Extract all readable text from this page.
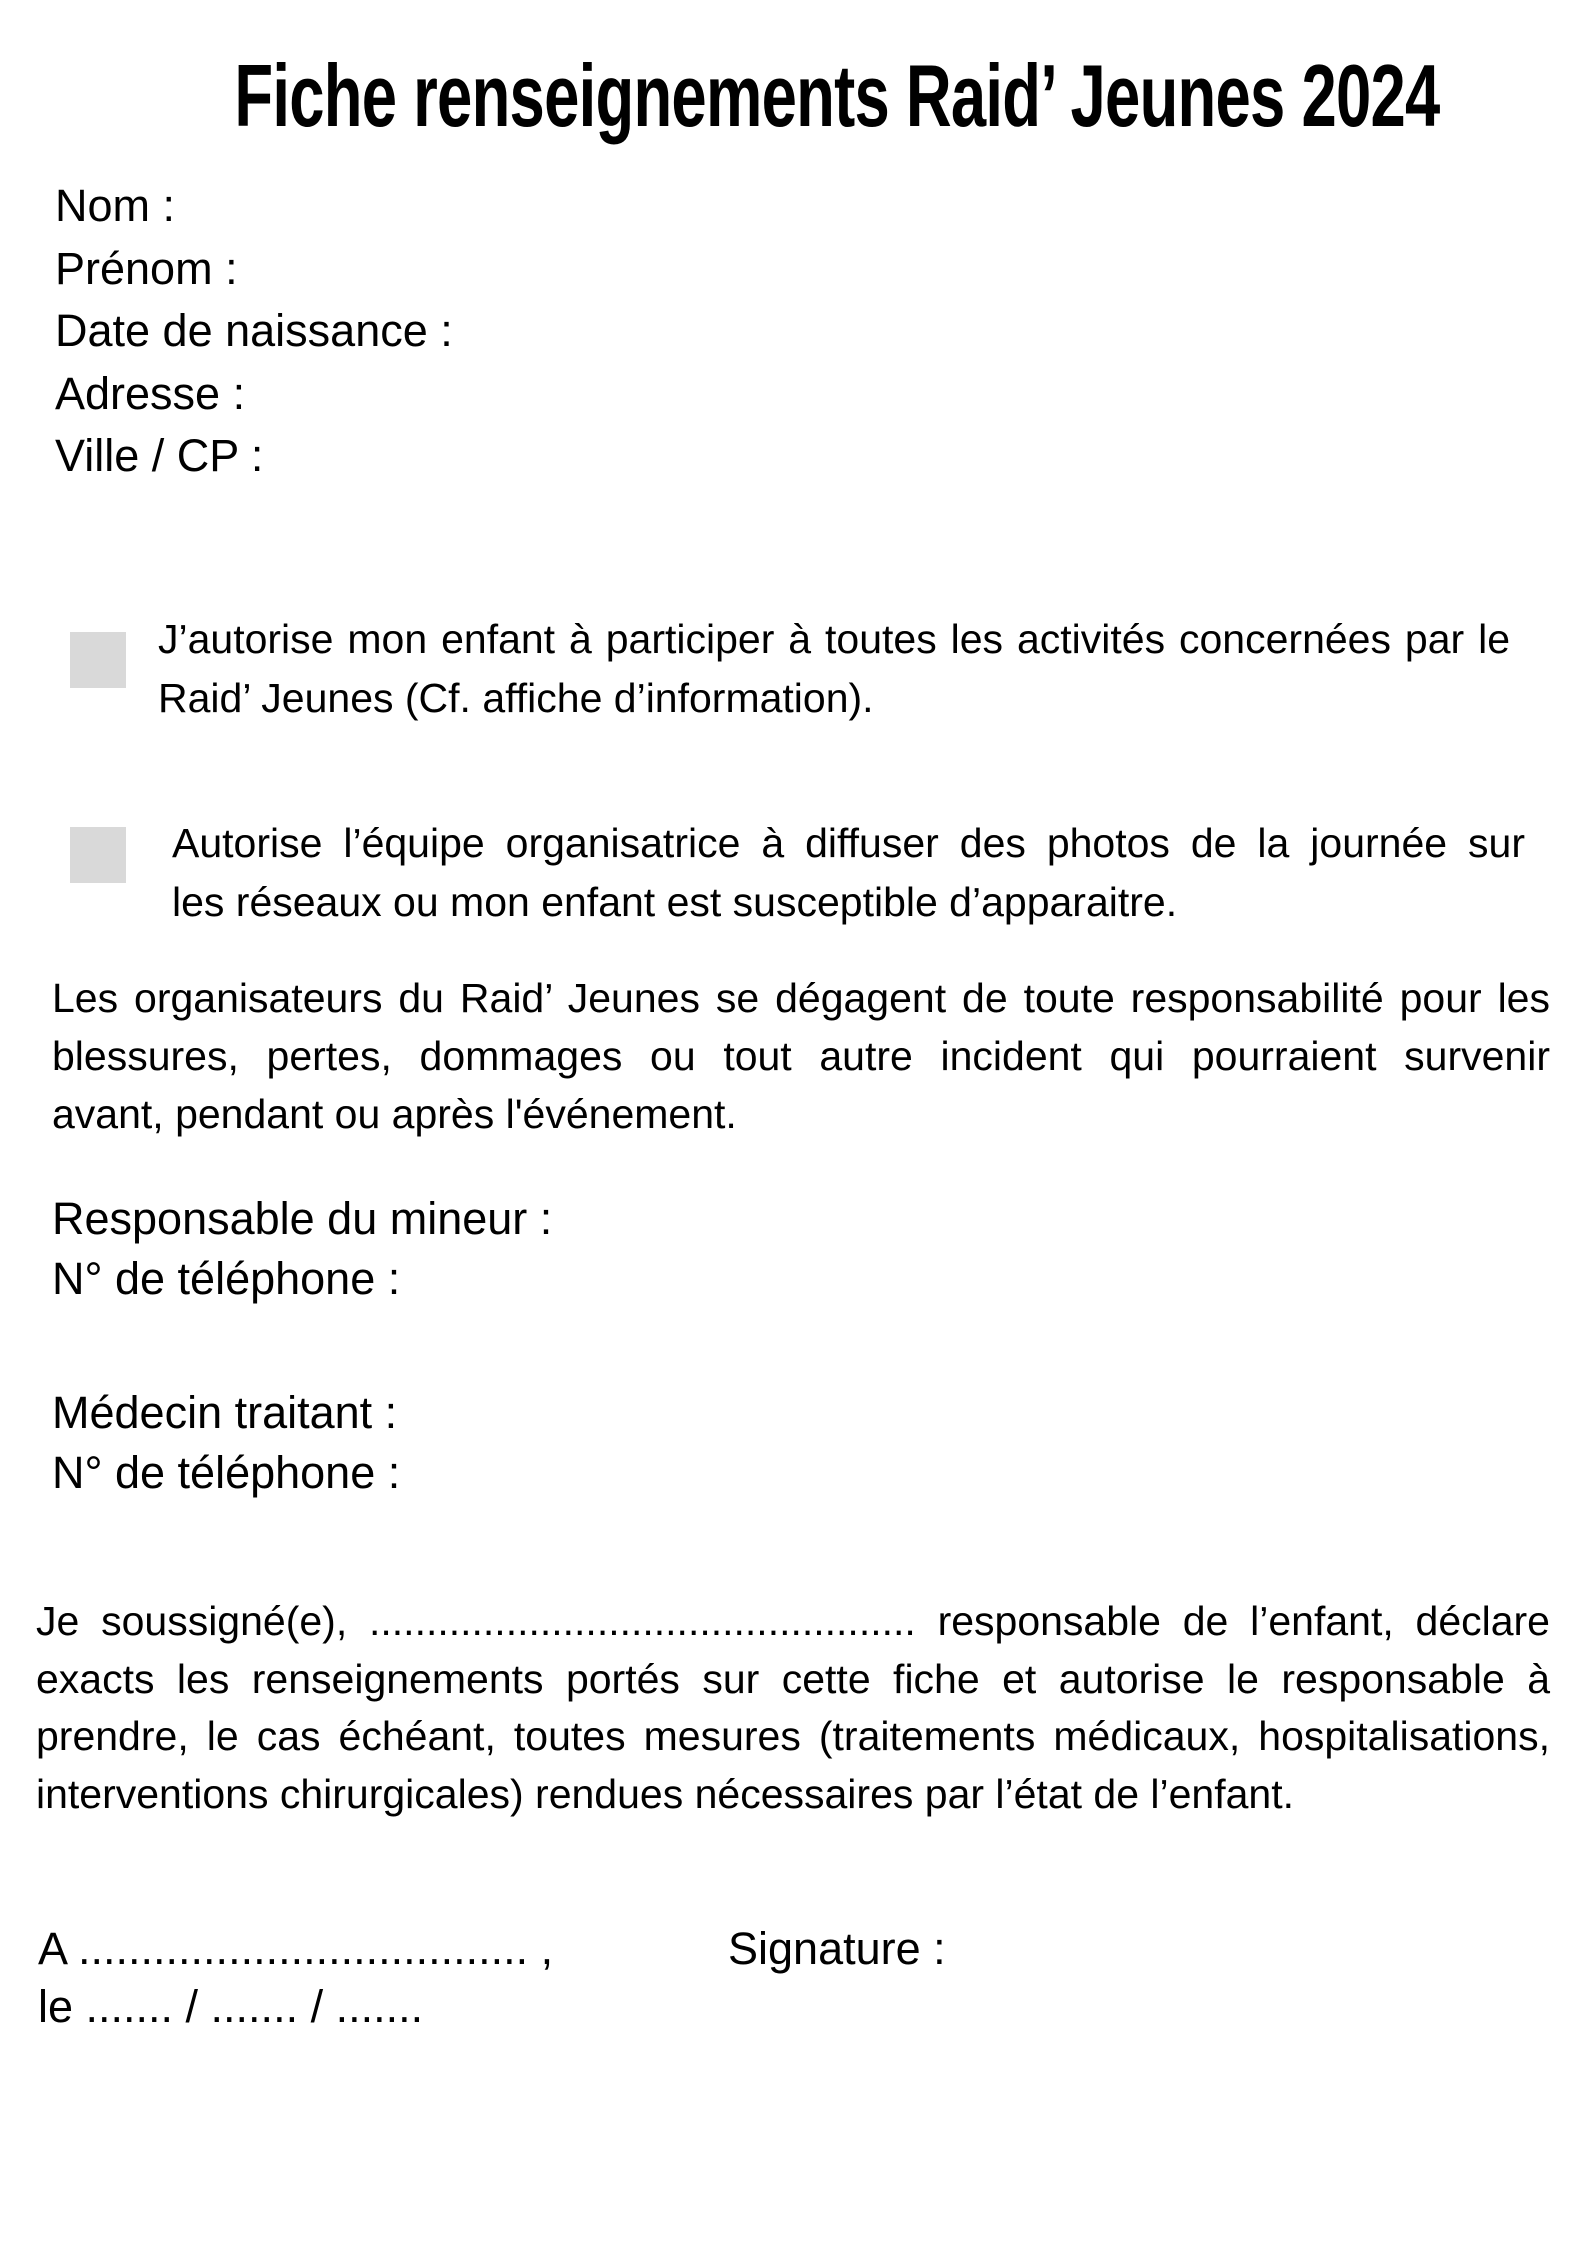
Fiche renseignements Raid’ Jeunes 2024
Nom :
Prénom :
Date de naissance :
Adresse :
Ville / CP :
J’autorise mon enfant à participer à toutes les activités concernées par le
Raid’ Jeunes (Cf. affiche d’information).
Autorise l’équipe organisatrice à diffuser des photos de la journée sur
les réseaux ou mon enfant est susceptible d’apparaitre.
Les organisateurs du Raid’ Jeunes se dégagent de toute responsabilité pour les
blessures, pertes, dommages ou tout autre incident qui pourraient survenir
avant, pendant ou après l'événement.
Responsable du mineur :
N° de téléphone :
Médecin traitant :
N° de téléphone :
Je soussigné(e), ................................................ responsable de l’enfant, déclare
exacts les renseignements portés sur cette fiche et autorise le responsable à
prendre, le cas échéant, toutes mesures (traitements médicaux, hospitalisations,
interventions chirurgicales) rendues nécessaires par l’état de l’enfant.
A .................................... ,
le ....... / ....... / .......
Signature :
